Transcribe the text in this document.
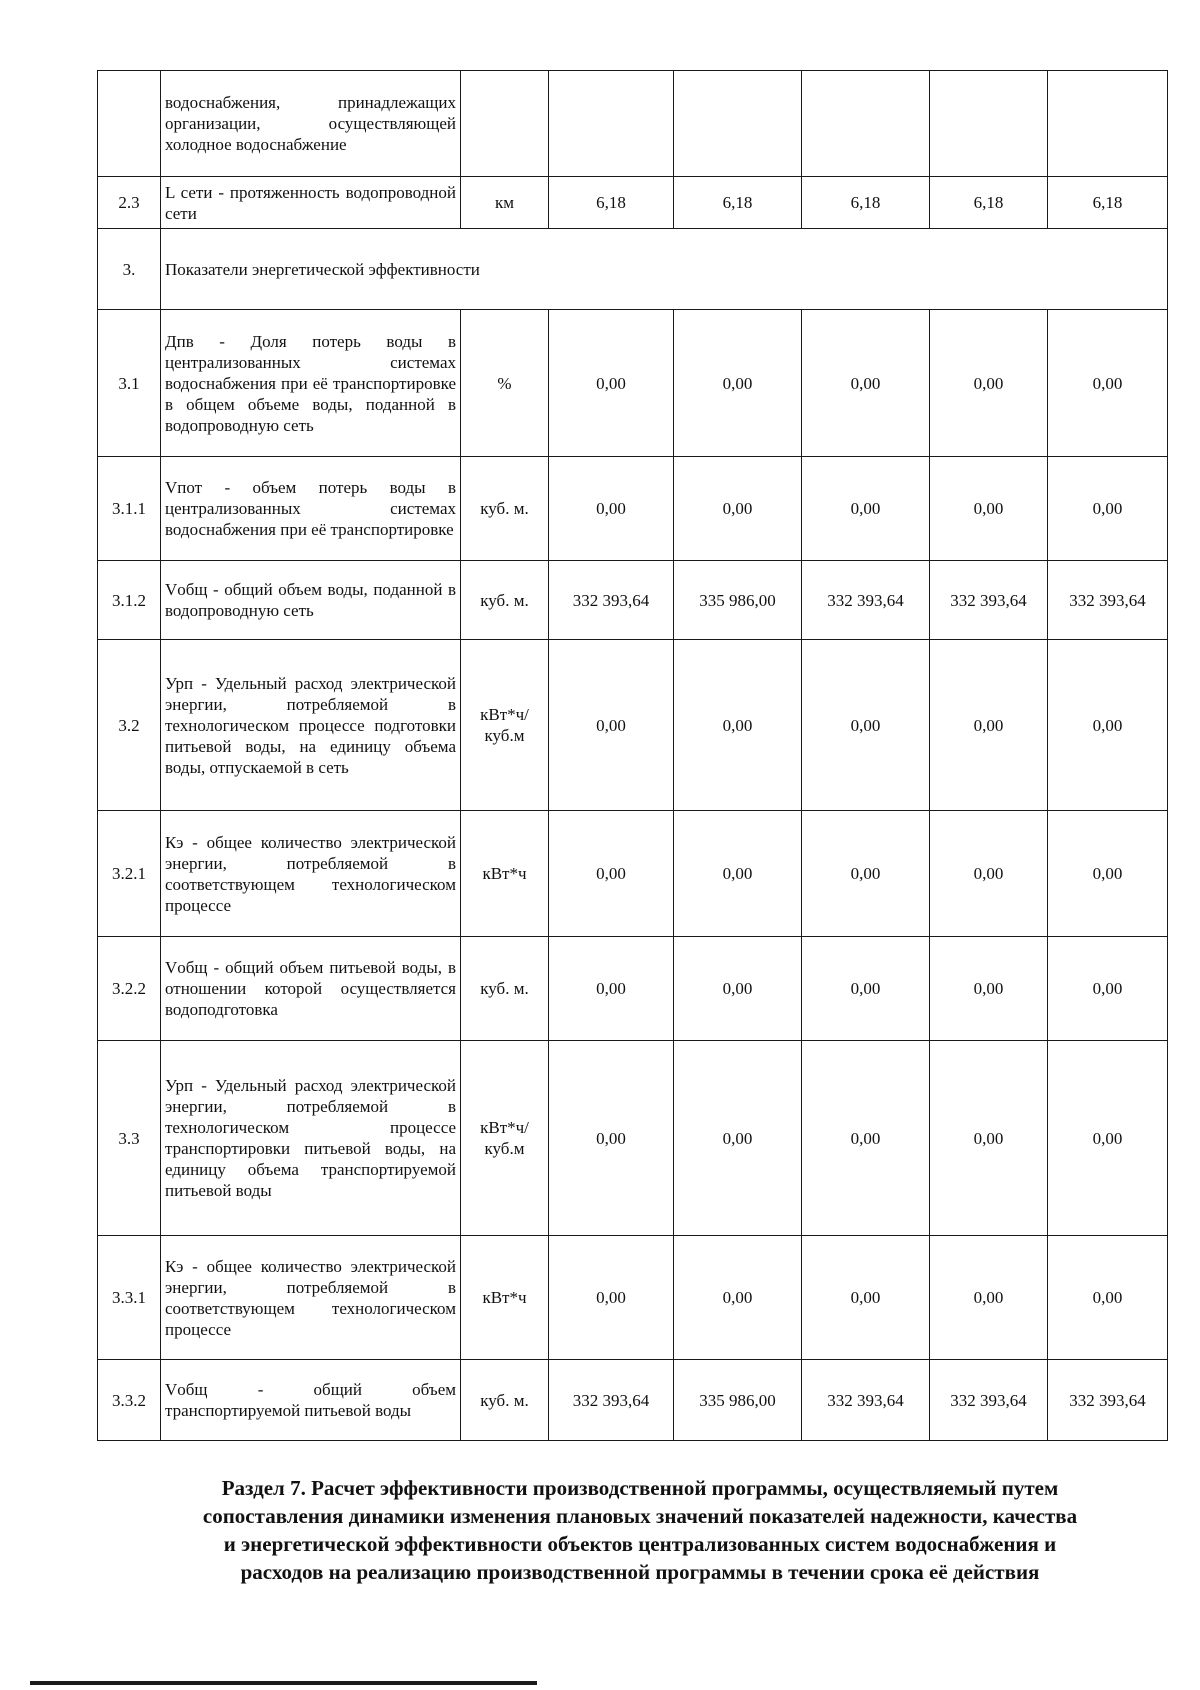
	водоснабжения, принадлежащих организации, осуществляющей холодное водоснабжение						
2.3	L сети - протяженность водопроводной сети	км	6,18	6,18	6,18	6,18	6,18
3.	Показатели энергетической эффективности						
3.1	Дпв - Доля потерь воды в централизованных системах водоснабжения при её транспортировке в общем объеме воды, поданной в водопроводную сеть	%	0,00	0,00	0,00	0,00	0,00
3.1.1	Vпот - объем потерь воды в централизованных системах водоснабжения при её транспортировке	куб. м.	0,00	0,00	0,00	0,00	0,00
3.1.2	Vобщ - общий объем воды, поданной в водопроводную сеть	куб. м.	332 393,64	335 986,00	332 393,64	332 393,64	332 393,64
3.2	Урп - Удельный расход электрической энергии, потребляемой в технологическом процессе подготовки питьевой воды, на единицу объема воды, отпускаемой в сеть	кВт*ч/ куб.м	0,00	0,00	0,00	0,00	0,00
3.2.1	Кэ - общее количество электрической энергии, потребляемой в соответствующем технологическом процессе	кВт*ч	0,00	0,00	0,00	0,00	0,00
3.2.2	Vобщ - общий объем питьевой воды, в отношении которой осуществляется водоподготовка	куб. м.	0,00	0,00	0,00	0,00	0,00
3.3	Урп - Удельный расход электрической энергии, потребляемой в технологическом процессе транспортировки питьевой воды, на единицу объема транспортируемой питьевой воды	кВт*ч/ куб.м	0,00	0,00	0,00	0,00	0,00
3.3.1	Кэ - общее количество электрической энергии, потребляемой в соответствующем технологическом процессе	кВт*ч	0,00	0,00	0,00	0,00	0,00
3.3.2	Vобщ - общий объем транспортируемой питьевой воды	куб. м.	332 393,64	335 986,00	332 393,64	332 393,64	332 393,64
Раздел 7. Расчет эффективности производственной программы, осуществляемый путем
сопоставления динамики изменения плановых значений показателей надежности, качества
и энергетической эффективности объектов централизованных систем водоснабжения и
расходов на реализацию производственной программы в течении срока её действия
